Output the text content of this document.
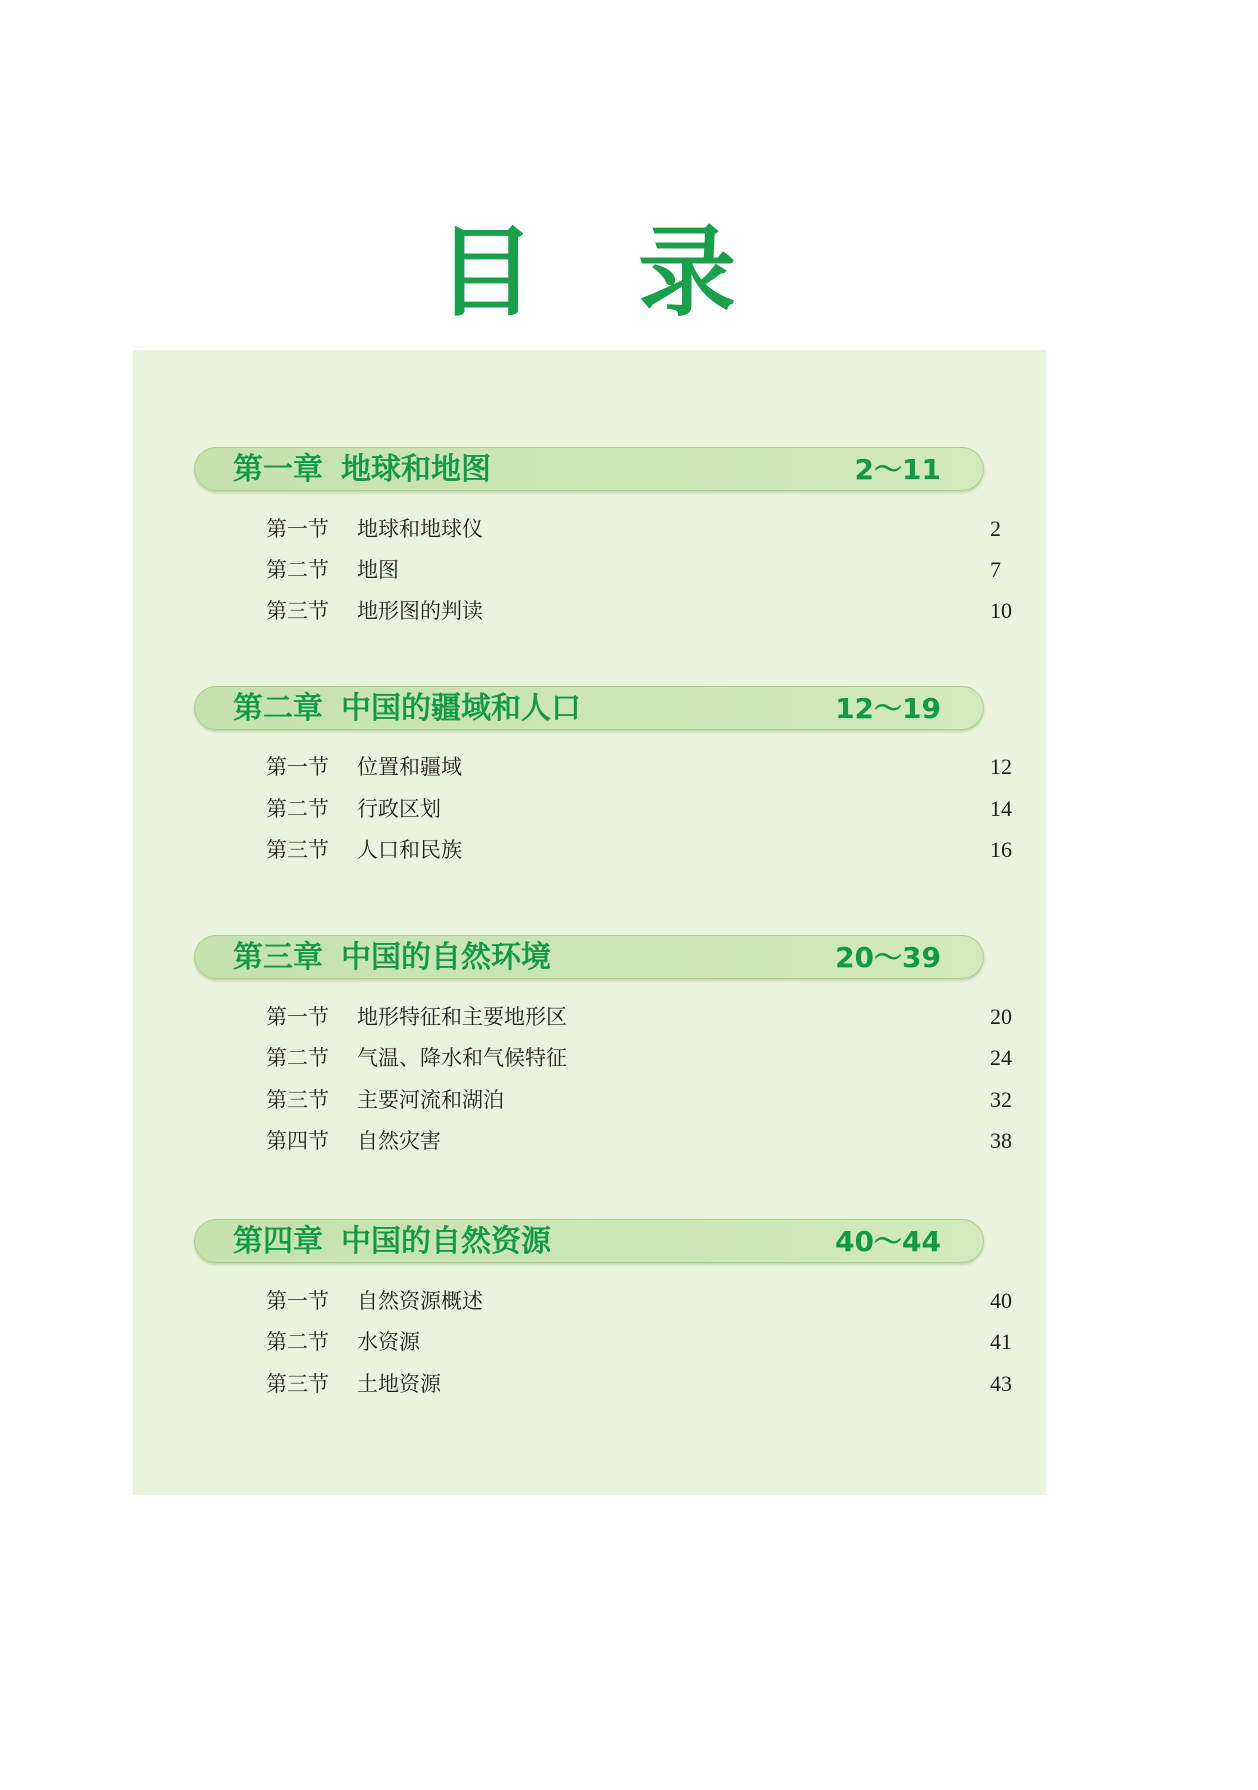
目 录
第一章 地球和地图	2～11
第一节 地球和地球仪	2
第二节 地图	7
第三节 地形图的判读	10
第二章 中国的疆域和人口	12～19
第一节 位置和疆域	12
第二节 行政区划	14
第三节 人口和民族	16
第三章 中国的自然环境	20～39
第一节 地形特征和主要地形区	20
第二节 气温、降水和气候特征	24
第三节 主要河流和湖泊	32
第四节 自然灾害	38
第四章 中国的自然资源	40～44
第一节 自然资源概述	40
第二节 水资源	41
第三节 土地资源	43
